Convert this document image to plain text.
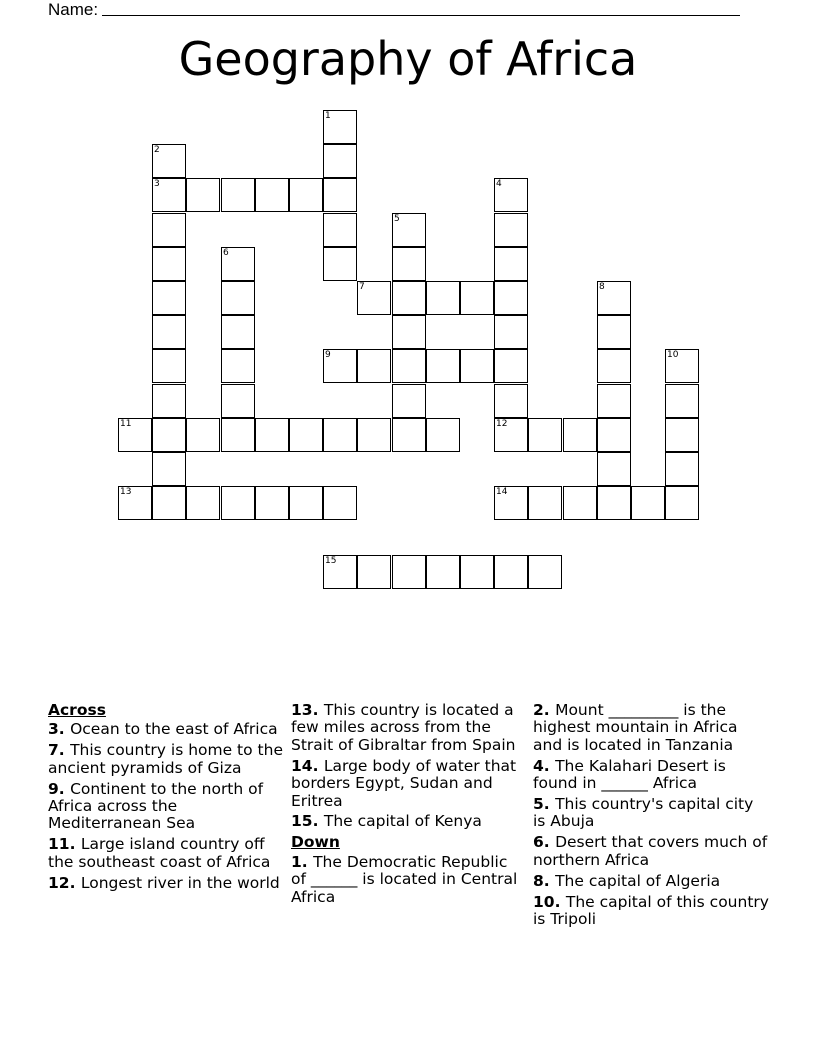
Name:
Geography of Africa
1
2
3	4
12
5
6
7	8
9	10
11
13	14
15

Across

3. Ocean to the east of Africa

7. This country is home to the ancient pyramids of Giza

9. Continent to the north of Africa across the Mediterranean Sea

11. Large island country off the southeast coast of Africa

12. Longest river in the world

13. This country is located a few miles across from the Strait of Gibraltar from Spain

14. Large body of water that borders Egypt, Sudan and Eritrea

15. The capital of Kenya

Down

1. The Democratic Republic of ______ is located in Central Africa

2. Mount _________ is the highest mountain in Africa and is located in Tanzania

4. The Kalahari Desert is found in ______ Africa

5. This country's capital city is Abuja

6. Desert that covers much of northern Africa

8. The capital of Algeria

10. The capital of this country is Tripoli
